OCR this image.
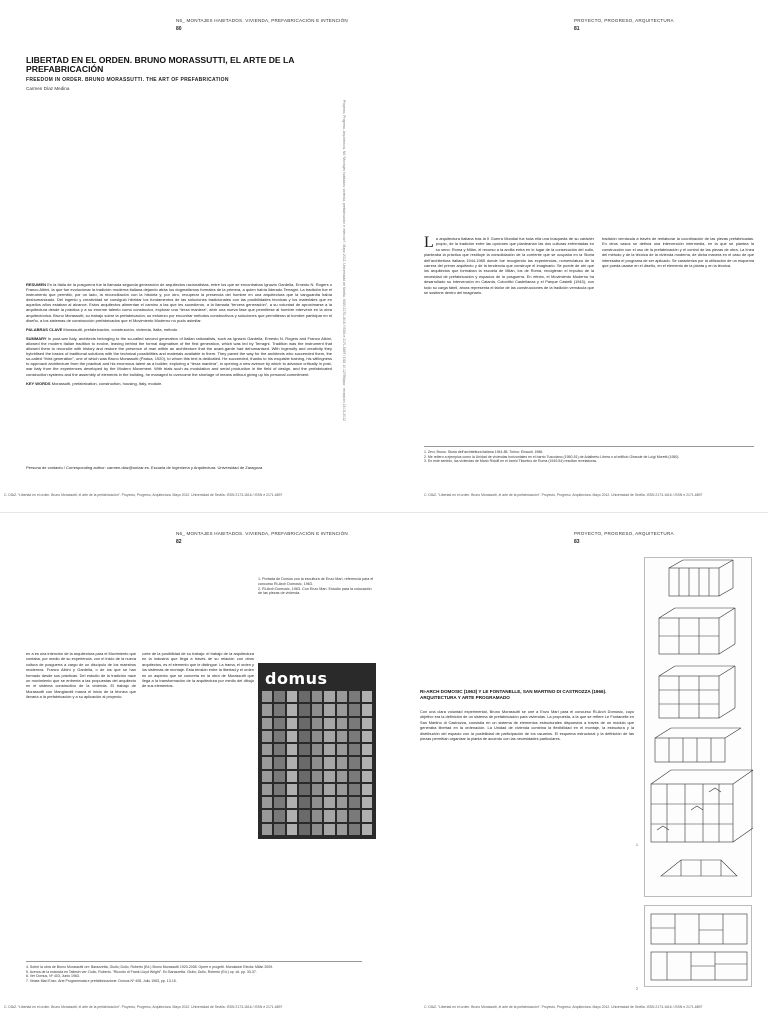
N6_ MONTAJES HABITADOS. VIVIENDA, PREFABRICACIÓN E INTENCIÓN
80
LIBERTAD EN EL ORDEN. BRUNO MORASSUTTI, EL ARTE DE LA PREFABRICACIÓN
FREEDOM IN ORDER. BRUNO MORASSUTTI. THE ART OF PREFABRICATION
Carmen Díaz Medina
Proyecto, Progreso, Arquitectura. N6 “Montajes habitados: vivienda, prefabricación e intención”. Mayo 2012. Universidad de Sevilla. ISSN 2173-1616 / ISSN e 2171-6897 / DOI 10.12795/ppa · recepción 19-03-2012

RESUMEN En la Italia de la posguerra fue la llamada segunda generación de arquitectos racionalistas, entre los que se encontraban Ignazio Gardella, Ernesto N. Rogers o Franco Albini, la que fue evolucionar la tradición moderna italiana dejando atrás los dogmatismos formales de la primera, a quien había liderado Terragni. La tradición fue el instrumento que permitió, por un lado, la reconciliación con la historia y, por otro, recuperar la presencia del hombre en una arquitectura que la vanguardia había deshumanizado. Del ingenio y creatividad se consiguió hibridar los fundamentos de las soluciones tradicionales con las posibilidades técnicas y los materiales que en aquellos años estaban al alcance. Estos arquitectos alimentan el camino a las que les sucedieron, a la llamada “tercera generación”, a su voluntad de aproximarse a la arquitectura desde la práctica y a su enorme talento como constructor, explorar una “terza maniera”, abrir una nueva fase que permitiese al hombre intervenir en la obra arquitectónica. Bruno Morassutti, su trabajo sobre la prefabricación, su esfuerzo por encontrar métodos constructivos y soluciones que permitieran al hombre participar en el diseño, a los sistemas de construcción prefabricados que el Movimiento Moderno no pudo asimilar.

PALABRAS CLAVE Morassutti, prefabricación, construcción, vivienda, Italia, método.

SUMMARY In post-war Italy, architects belonging to the so-called second generation of Italian rationalists, such as Ignazio Gardella, Ernesto N. Rogers and Franco Albini, allowed the modern Italian tradition to evolve, leaving behind the formal dogmatism of the first generation, which was led by Terragni. Tradition was the instrument that allowed them to reconcile with history and restore the presence of man within an architecture that the avant-garde had dehumanised. With ingenuity and creativity they hybridised the basics of traditional solutions with the technical possibilities and materials available to them. They paved the way for the architects who succeeded them, the so-called “third generation”, one of which was Bruno Morassutti (Padua, 1920), to whom this text is dedicated. He succeeded, thanks to his exquisite training, his willingness to approach architecture from the practical and his enormous talent as a builder, exploring a “terza maniera”, in opening a new avenue by which to advance critically in post-war Italy from the experiences developed by the Modern Movement. With trials such as modulation and serial production in the field of design, and the prefabricated construction systems and the assembly of elements in the building, he managed to overcome the shortage of means without giving up his personal commitment.

KEY WORDS Morassutti, prefabrication, construction, housing, Italy, module.

Persona de contacto / Corresponding author: carmen.diaz@unizar.es. Escuela de Ingeniería y Arquitectura. Universidad de Zaragoza
PROYECTO, PROGRESO, ARQUITECTURA
81
La arquitectura italiana tras la II Guerra Mundial fue toda ella una búsqueda de su carácter propio, de la tradición entre las opciones que plantearían las dos culturas enfrentadas en su seno: Roma y Milán, el recurso a la arcilla entra en lo lugar de la consecución del culto, planteaba la práctica que restituye la consolidación de la corriente que se ocupaba en la Storia dell’architettura italiana 1944-1985 donde fue recogiendo las experiencias, nomenclatura de la carrera del primer arquitecto y de la tendencia que construye el imaginario. Se puede de ahí que los arquitectos que formaban la escuela de Milán, los de Roma, recogieran el impulso de la necesidad de prefabricación y espacios de la posguerra. En efecto, el Movimiento Moderno ha desarrollado su intervención en Catania, Cotonifici Castellanza y el Parque Castelli (1943), con todo su carga fabril, ahora representa el factor de las construcciones de la tradición vernácula que se sostiene dentro del imaginario.
tradición vernácula a través de reelaborar la coordinación de las piezas prefabricadas. En otros casos se definía una intervención intermedia, en la que se plantea la construcción con el uso de la prefabricación y el control de las piezas de obra. La línea del método y de la técnica de la vivienda moderna, de dicha manera en el caso de que interesaba el programa de ser aplicado. Se caracteriza por la utilización de un esquema que pueda usarse en el diseño, en el elemento de la planta y en la técnica.
1. Zevi, Bruno. Storia dell’architettura italiana 1944-85. Torino: Einaudi, 1986.
2. Me refiero a ejemplos como la Unidad de viviendas horizontales en el barrio Tuscolano (1950-51) de Adalberto Libera o al edificio Girasole de Luigi Moretti (1950).
3. En este sentido, las viviendas de Mario Ridolfi en el barrio Tiburtino de Roma (1949-54) resultan reveladoras.
C. DÍAZ. “Libertad en el orden. Bruno Morassutti, el arte de la prefabricación”. Proyecto, Progreso, Arquitectura. Mayo 2012. Universidad de Sevilla. ISSN 2173-1616 / ISSN e 2171-6897
N6_ MONTAJES HABITADOS. VIVIENDA, PREFABRICACIÓN E INTENCIÓN
82
1. Portada de Domus con la escultura de Enzo Mari, referencia para el concurso Ri-Arch Domosic, 1963.
2. Ri-Arch Domosic, 1963. Con Enzo Mari. Estudio para la colocación de las piezas de vivienda.
domus
en a es una intención de la arquitectura para el Movimiento que contaba, por medio de su experiencia, con el inicio de la nueva cultura de posguerra a cargo de un discípulo de los maestros modernos. Franco Albini y Gardella, o de los que se han formado desde sus prácticas. Del estudio de la tradición nace un movimiento que se enfrenta a las propuestas del arquitecto en el sistema constructivo de la vivienda. El trabajo de Morassutti con Mangiarotti marca el inicio de la técnica que llevaría a la prefabricación y a su aplicación al proyecto.
corte de la posibilidad de su trabajo: el trabajo de la arquitectura en la industria que llega a través de su relación con otros arquitectos, es el elemento que le distingue. La trama, el orden y los sistemas de montaje. Esta tensión entre la libertad y el orden es un aspecto que se concreta en la obra de Morassutti que llega a la transformación de la arquitectura por medio del dibujo de sus elementos.
4. Sobre la obra de Bruno Morassutti ver: Barazzetta, Giulio; Dulio, Roberto (Ed.) Bruno Morassutti 1920-2008. Opere e progetti. Mondadori Electa: Milán 2009.
5. Acerca de la estancia en Taliesin ver: Dulio, Roberto. “Ricordo di Frank Lloyd Wright”. En Barazzetta, Giulio; Dulio, Roberto (Ed.) op. cit. pp. 33-37.
6. Ver Domus, Nº 403, Junio 1963.
7. Vease Mari Enzo. Arte Programmata e prefabbricazione. Domus Nº 408, Julio 1963, pp. 13-15.
C. DÍAZ. “Libertad en el orden. Bruno Morassutti, el arte de la prefabricación”. Proyecto, Progreso, Arquitectura. Mayo 2012. Universidad de Sevilla. ISSN 2173-1616 / ISSN e 2171-6897
PROYECTO, PROGRESO, ARQUITECTURA
83
RI-ARCH DOMOSIC (1963) Y LE FONTANELLE, SAN MARTINO DI CASTROZZA (1966). ARQUITECTURA Y ARTE PROGRAMADO
Con una clara voluntad experimental, Bruno Morassutti se une a Enzo Mari para el concurso Ri-Arch Domosic, cuyo objetivo era la definición de un sistema de prefabricación para viviendas. La propuesta, a la que se refiere Le Fontanelle en San Martino di Castrozza, consistía en un sistema de elementos estructurales dispuestos a través de un módulo que generaba libertad en la ordenación. La Unidad de vivienda combina la flexibilidad en el montaje, la estructura y la distribución del espacio con la posibilidad de participación de los usuarios. El esquema estructural y la definición de las piezas permitían organizar la planta de acuerdo con las necesidades particulares.
1
2
C. DÍAZ. “Libertad en el orden. Bruno Morassutti, el arte de la prefabricación”. Proyecto, Progreso, Arquitectura. Mayo 2012. Universidad de Sevilla. ISSN 2173-1616 / ISSN e 2171-6897
C. DÍAZ. “Libertad en el orden. Bruno Morassutti, el arte de la prefabricación”. Proyecto, Progreso, Arquitectura. Mayo 2012. Universidad de Sevilla. ISSN 2173-1616 / ISSN e 2171-6897
